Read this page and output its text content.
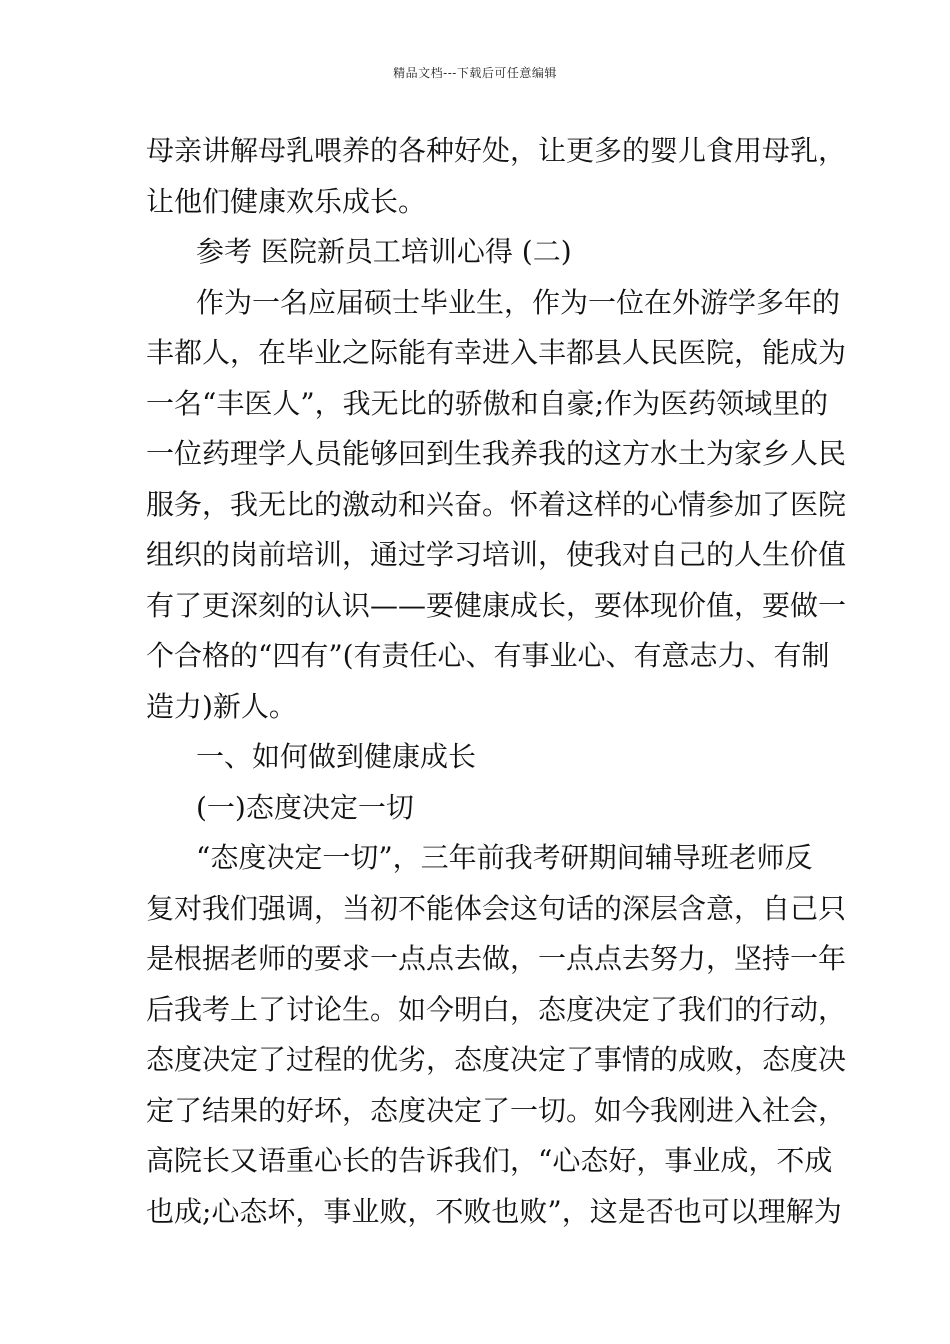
精品文档---下载后可任意编辑
母亲讲解母乳喂养的各种好处，让更多的婴儿食用母乳，
让他们健康欢乐成长。
参考 医院新员工培训心得 (二)
作为一名应届硕士毕业生，作为一位在外游学多年的
丰都人，在毕业之际能有幸进入丰都县人民医院，能成为
一名“丰医人”，我无比的骄傲和自豪;作为医药领域里的
一位药理学人员能够回到生我养我的这方水土为家乡人民
服务，我无比的激动和兴奋。怀着这样的心情参加了医院
组织的岗前培训，通过学习培训，使我对自己的人生价值
有了更深刻的认识——要健康成长，要体现价值，要做一
个合格的“四有”(有责任心、有事业心、有意志力、有制
造力)新人。
一、如何做到健康成长
(一)态度决定一切
“态度决定一切”，三年前我考研期间辅导班老师反
复对我们强调，当初不能体会这句话的深层含意，自己只
是根据老师的要求一点点去做，一点点去努力，坚持一年
后我考上了讨论生。如今明白，态度决定了我们的行动，
态度决定了过程的优劣，态度决定了事情的成败，态度决
定了结果的好坏，态度决定了一切。如今我刚进入社会，
高院长又语重心长的告诉我们，“心态好，事业成，不成
也成;心态坏，事业败，不败也败”，这是否也可以理解为
